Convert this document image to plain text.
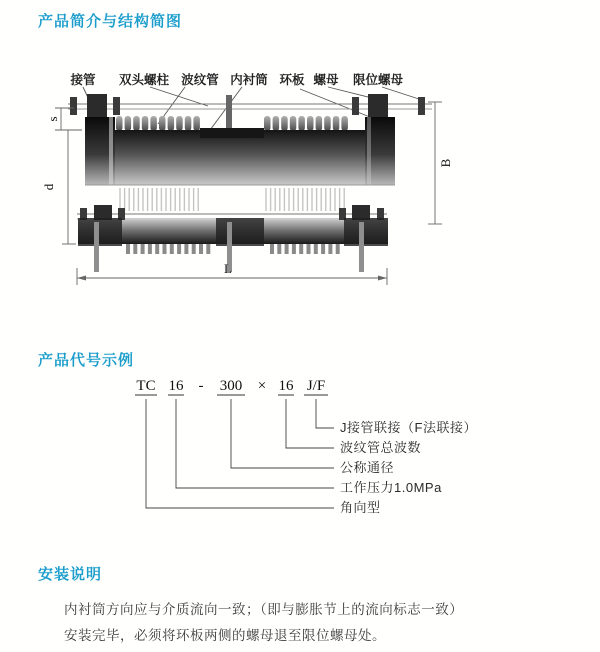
产品简介与结构简图
接管 双头螺柱 波纹管 内衬筒 环板 螺母 限位螺母
s
d
B
L
产品代号示例
TC 16 - 300 × 16 J/F
J接管联接（F法联接）
波纹管总波数
公称通径
工作压力1.0MPa
角向型
安装说明
内衬筒方向应与介质流向一致；（即与膨胀节上的流向标志一致）
安装完毕，必须将环板两侧的螺母退至限位螺母处。
